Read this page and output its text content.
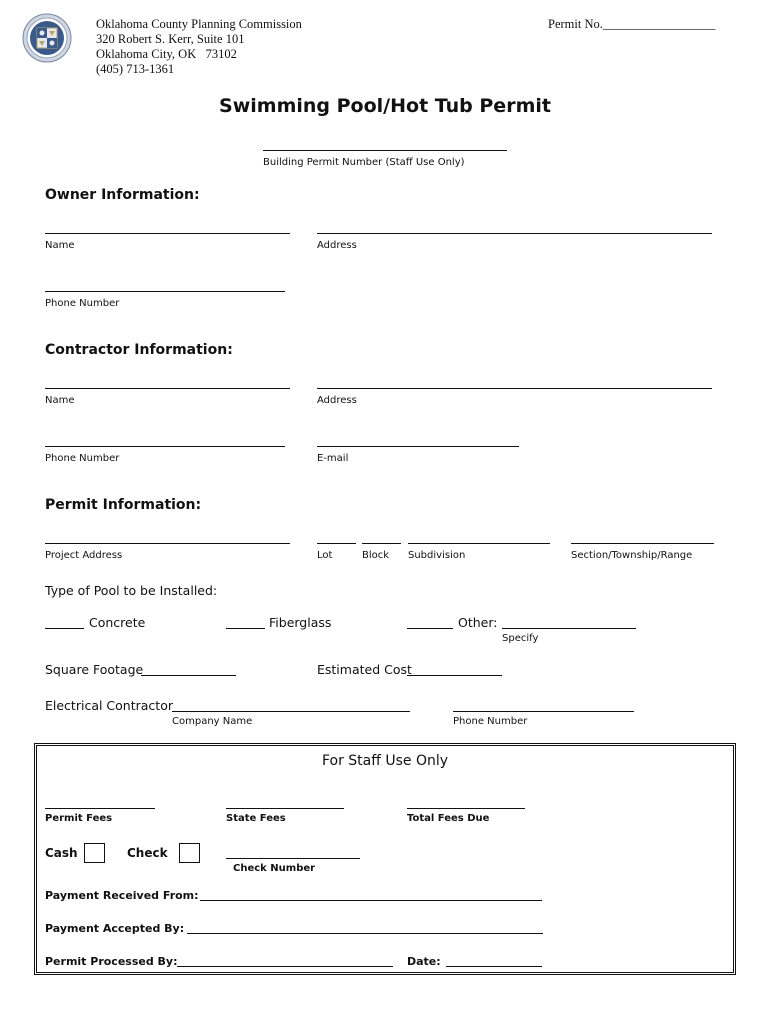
Oklahoma County Planning Commission
320 Robert S. Kerr, Suite 101
Oklahoma City, OK   73102
(405) 713-1361
Permit No.__________________
Swimming Pool/Hot Tub Permit
Building Permit Number (Staff Use Only)
Owner Information:
Name	Address
Phone Number
Contractor Information:
Name	Address
Phone Number	E-mail
Permit Information:
Project Address	Lot	Block Subdivision	Section/Township/Range
Type of Pool to be Installed:
Concrete	Fiberglass	Other:
Specify
Square Footage	Estimated Cost
Electrical Contractor
Company Name	Phone Number
For Staff Use Only
Permit Fees	State Fees	Total Fees Due
Cash	Check
Check Number
Payment Received From:
Payment Accepted By:
Permit Processed By:	Date:
